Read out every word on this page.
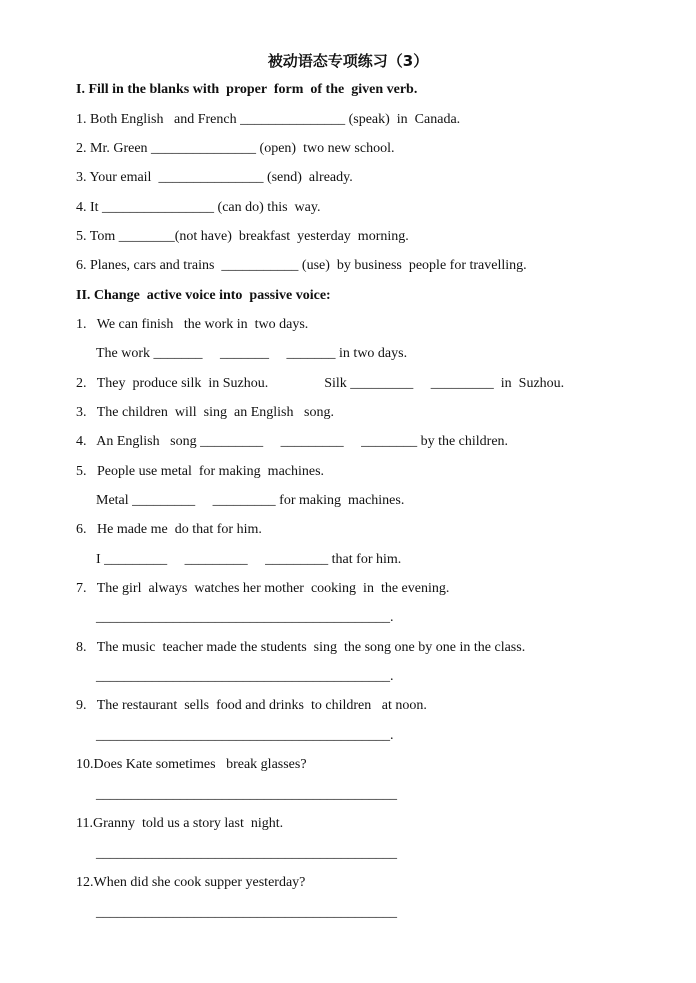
被动语态专项练习（3）
I. Fill in the blanks with  proper  form  of the  given verb.
1. Both English   and French _______________ (speak)  in  Canada.
2. Mr. Green _______________ (open)  two new school.
3. Your email  _______________ (send)  already.
4. It ________________ (can do) this  way.
5. Tom ________(not have)  breakfast  yesterday  morning.
6. Planes, cars and trains  ___________ (use)  by business  people for travelling.
II. Change  active voice into  passive voice:
1.   We can finish   the work in  two days.
The work _______     _______     _______ in two days.
2.   They  produce silk  in Suzhou.                Silk _________     _________  in  Suzhou.
3.   The children  will  sing  an English   song.
4.   An English   song _________     _________     ________ by the children.
5.   People use metal  for making  machines.
Metal _________     _________ for making  machines.
6.   He made me  do that for him.
I _________     _________     _________ that for him.
7.   The girl  always  watches her mother  cooking  in  the evening.
__________________________________________.
8.   The music  teacher made the students  sing  the song one by one in the class.
__________________________________________.
9.   The restaurant  sells  food and drinks  to children   at noon.
__________________________________________.
10.Does Kate sometimes   break glasses?
___________________________________________
11.Granny  told us a story last  night.
___________________________________________
12.When did she cook supper yesterday?
___________________________________________
